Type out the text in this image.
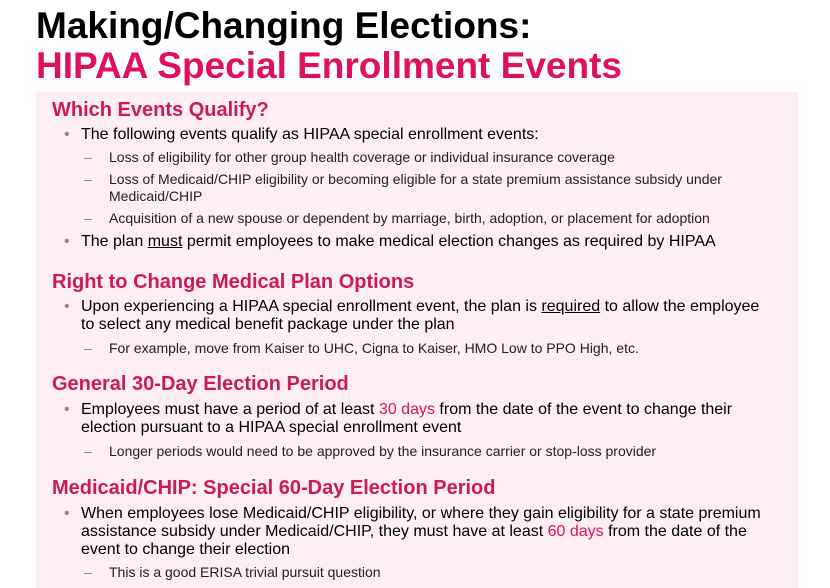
Making/Changing Elections:
HIPAA Special Enrollment Events
Which Events Qualify?
• The following events qualify as HIPAA special enrollment events:
– Loss of eligibility for other group health coverage or individual insurance coverage
– Loss of Medicaid/CHIP eligibility or becoming eligible for a state premium assistance subsidy under Medicaid/CHIP
– Acquisition of a new spouse or dependent by marriage, birth, adoption, or placement for adoption
• The plan must permit employees to make medical election changes as required by HIPAA
Right to Change Medical Plan Options
• Upon experiencing a HIPAA special enrollment event, the plan is required to allow the employee to select any medical benefit package under the plan
– For example, move from Kaiser to UHC, Cigna to Kaiser, HMO Low to PPO High, etc.
General 30-Day Election Period
• Employees must have a period of at least 30 days from the date of the event to change their election pursuant to a HIPAA special enrollment event
– Longer periods would need to be approved by the insurance carrier or stop-loss provider
Medicaid/CHIP: Special 60-Day Election Period
• When employees lose Medicaid/CHIP eligibility, or where they gain eligibility for a state premium assistance subsidy under Medicaid/CHIP, they must have at least 60 days from the date of the event to change their election
– This is a good ERISA trivial pursuit question
